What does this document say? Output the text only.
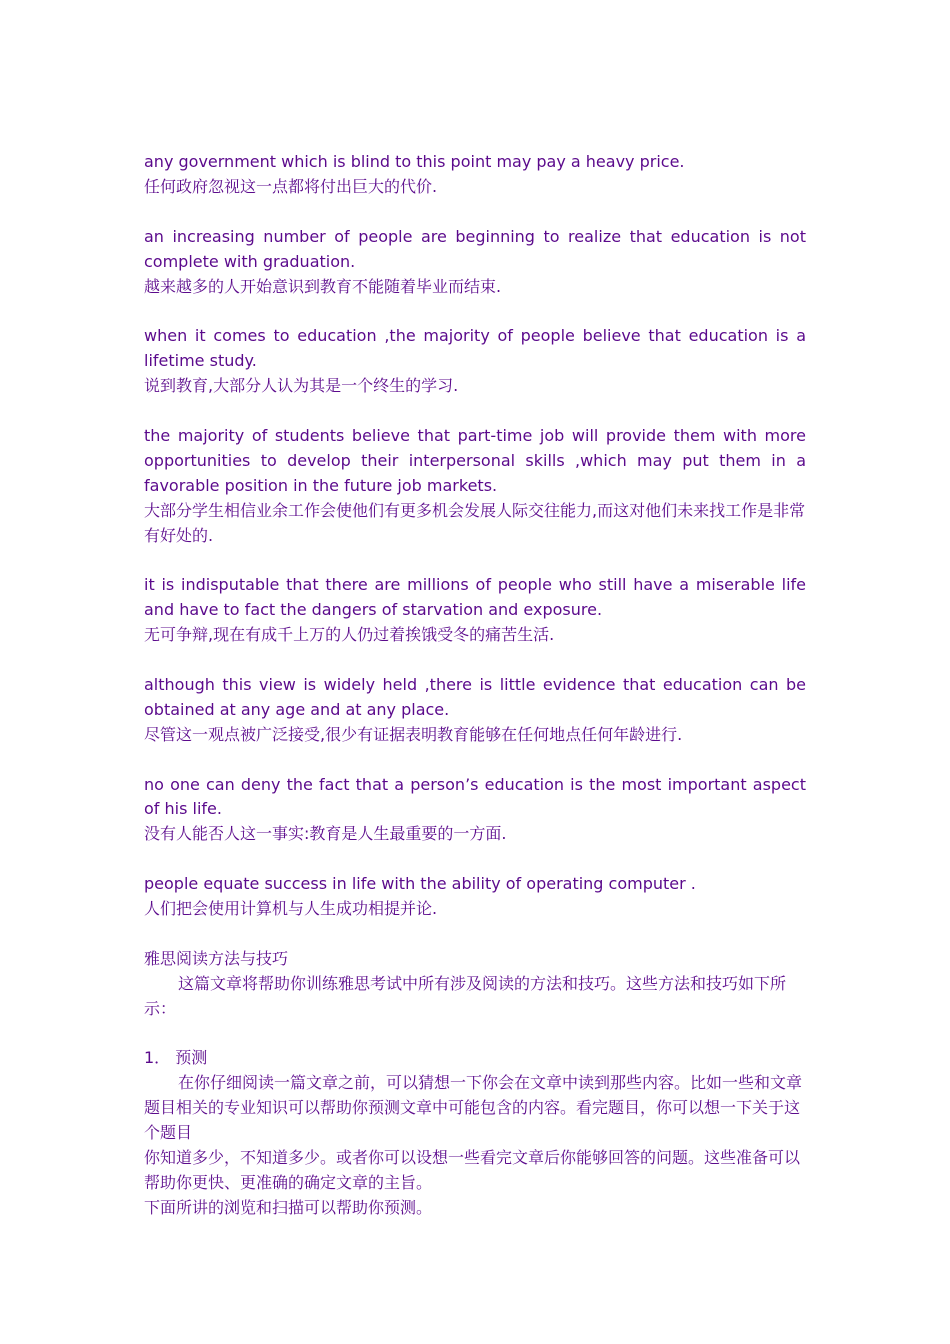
any government which is blind to this point may pay a heavy price.

任何政府忽视这一点都将付出巨大的代价.

an increasing number of people are beginning to realize that education is not complete with graduation.

越来越多的人开始意识到教育不能随着毕业而结束.

when it comes to education ,the majority of people believe that education is a lifetime study.

说到教育,大部分人认为其是一个终生的学习.

the majority of students believe that part-time job will provide them with more opportunities to develop their interpersonal skills ,which may put them in a favorable position in the future job markets.

大部分学生相信业余工作会使他们有更多机会发展人际交往能力,而这对他们未来找工作是非常有好处的.

it is indisputable that there are millions of people who still have a miserable life and have to fact the dangers of starvation and exposure.

无可争辩,现在有成千上万的人仍过着挨饿受冬的痛苦生活.

although this view is widely held ,there is little evidence that education can be obtained at any age and at any place.

尽管这一观点被广泛接受,很少有证据表明教育能够在任何地点任何年龄进行.

no one can deny the fact that a person’s education is the most important aspect of his life.

没有人能否人这一事实:教育是人生最重要的一方面.

people equate success in life with the ability of operating computer .

人们把会使用计算机与人生成功相提并论.

雅思阅读方法与技巧

这篇文章将帮助你训练雅思考试中所有涉及阅读的方法和技巧。这些方法和技巧如下所示：

1． 预测

在你仔细阅读一篇文章之前，可以猜想一下你会在文章中读到那些内容。比如一些和文章题目相关的专业知识可以帮助你预测文章中可能包含的内容。看完题目，你可以想一下关于这个题目

你知道多少，不知道多少。或者你可以设想一些看完文章后你能够回答的问题。这些准备可以帮助你更快、更准确的确定文章的主旨。

下面所讲的浏览和扫描可以帮助你预测。
